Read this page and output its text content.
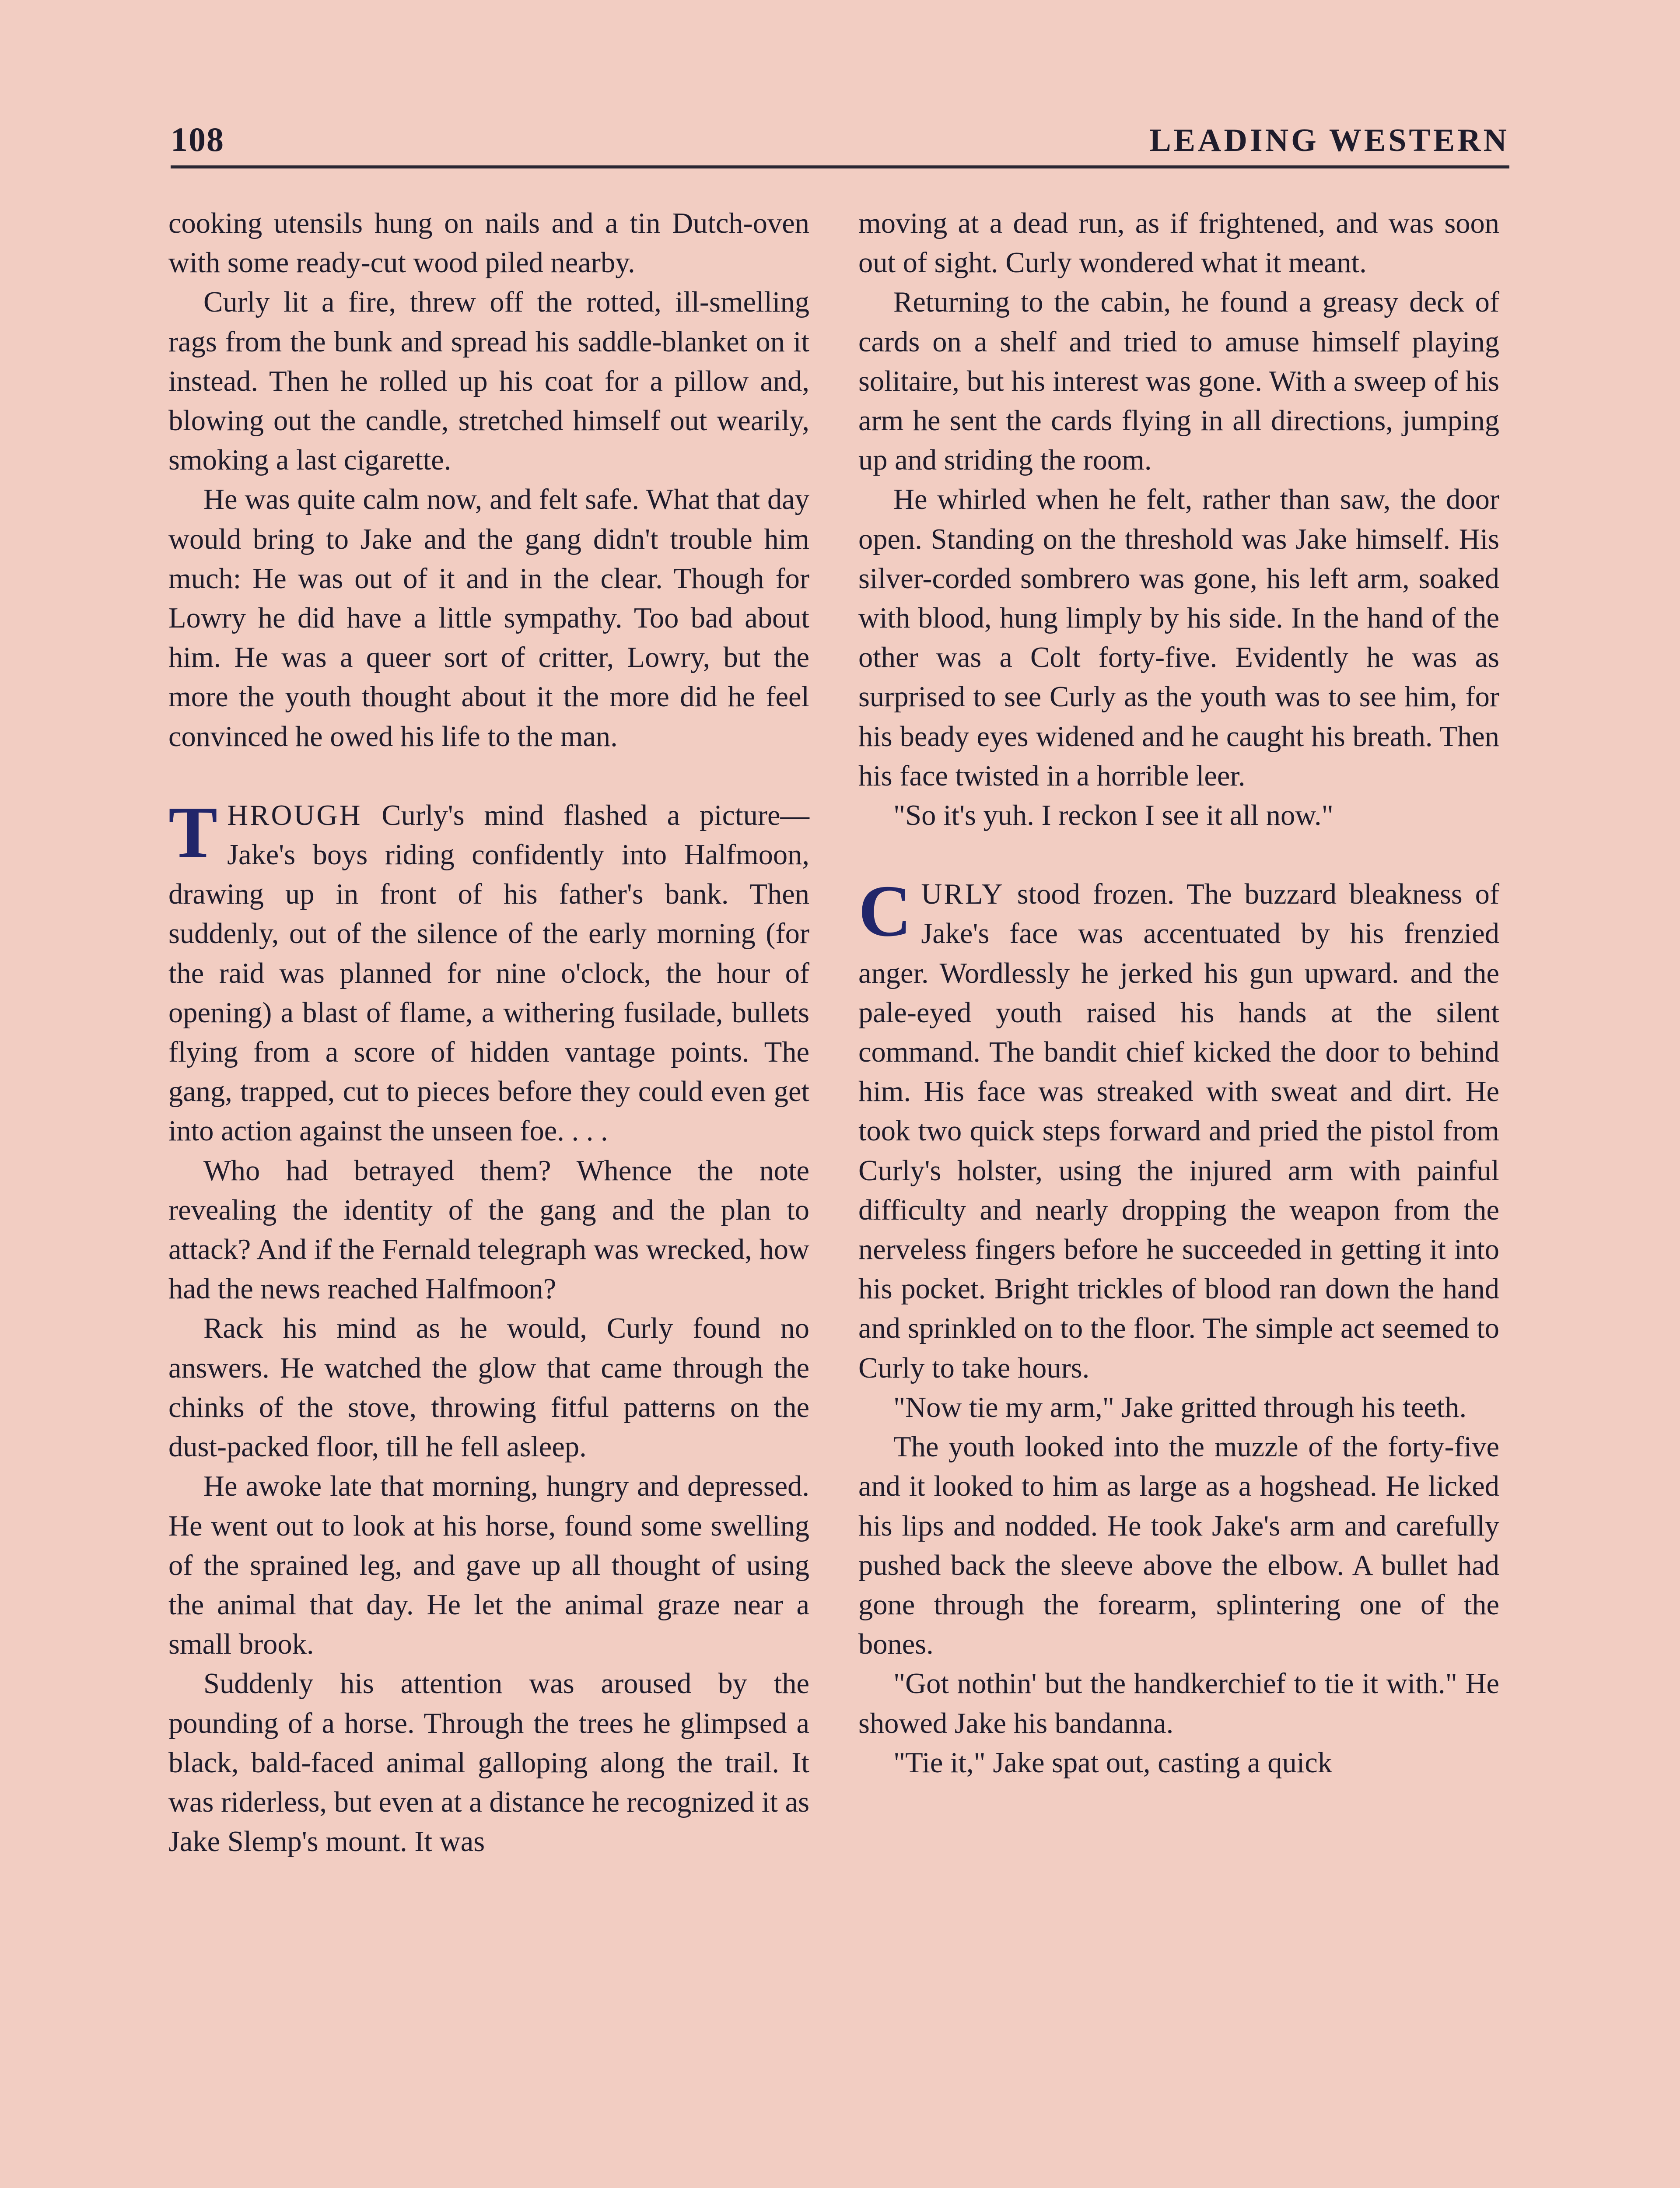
108	LEADING WESTERN

cooking utensils hung on nails and a tin Dutch-oven with some ready-cut wood piled nearby.

Curly lit a fire, threw off the rotted, ill-smelling rags from the bunk and spread his saddle-blanket on it instead. Then he rolled up his coat for a pillow and, blowing out the candle, stretched himself out wearily, smoking a last cigarette.

He was quite calm now, and felt safe. What that day would bring to Jake and the gang didn't trouble him much: He was out of it and in the clear. Though for Lowry he did have a little sympathy. Too bad about him. He was a queer sort of critter, Lowry, but the more the youth thought about it the more did he feel convinced he owed his life to the man.

THROUGH Curly's mind flashed a picture—Jake's boys riding confidently into Halfmoon, drawing up in front of his father's bank. Then suddenly, out of the silence of the early morning (for the raid was planned for nine o'clock, the hour of opening) a blast of flame, a withering fusilade, bullets flying from a score of hidden vantage points. The gang, trapped, cut to pieces before they could even get into action against the unseen foe. . . .

Who had betrayed them? Whence the note revealing the identity of the gang and the plan to attack? And if the Fernald telegraph was wrecked, how had the news reached Halfmoon?

Rack his mind as he would, Curly found no answers. He watched the glow that came through the chinks of the stove, throwing fitful patterns on the dust-packed floor, till he fell asleep.

He awoke late that morning, hungry and depressed. He went out to look at his horse, found some swelling of the sprained leg, and gave up all thought of using the animal that day. He let the animal graze near a small brook.

Suddenly his attention was aroused by the pounding of a horse. Through the trees he glimpsed a black, bald-faced animal galloping along the trail. It was riderless, but even at a distance he recognized it as Jake Slemp's mount. It was

moving at a dead run, as if frightened, and was soon out of sight. Curly wondered what it meant.

Returning to the cabin, he found a greasy deck of cards on a shelf and tried to amuse himself playing solitaire, but his interest was gone. With a sweep of his arm he sent the cards flying in all directions, jumping up and striding the room.

He whirled when he felt, rather than saw, the door open. Standing on the threshold was Jake himself. His silver-corded sombrero was gone, his left arm, soaked with blood, hung limply by his side. In the hand of the other was a Colt forty-five. Evidently he was as surprised to see Curly as the youth was to see him, for his beady eyes widened and he caught his breath. Then his face twisted in a horrible leer.

"So it's yuh. I reckon I see it all now."

CURLY stood frozen. The buzzard bleakness of Jake's face was accentuated by his frenzied anger. Wordlessly he jerked his gun upward. and the pale-eyed youth raised his hands at the silent command. The bandit chief kicked the door to behind him. His face was streaked with sweat and dirt. He took two quick steps forward and pried the pistol from Curly's holster, using the injured arm with painful difficulty and nearly dropping the weapon from the nerveless fingers before he succeeded in getting it into his pocket. Bright trickles of blood ran down the hand and sprinkled on to the floor. The simple act seemed to Curly to take hours.

"Now tie my arm," Jake gritted through his teeth.

The youth looked into the muzzle of the forty-five and it looked to him as large as a hogshead. He licked his lips and nodded. He took Jake's arm and carefully pushed back the sleeve above the elbow. A bullet had gone through the forearm, splintering one of the bones.

"Got nothin' but the handkerchief to tie it with." He showed Jake his bandanna.

"Tie it," Jake spat out, casting a quick
